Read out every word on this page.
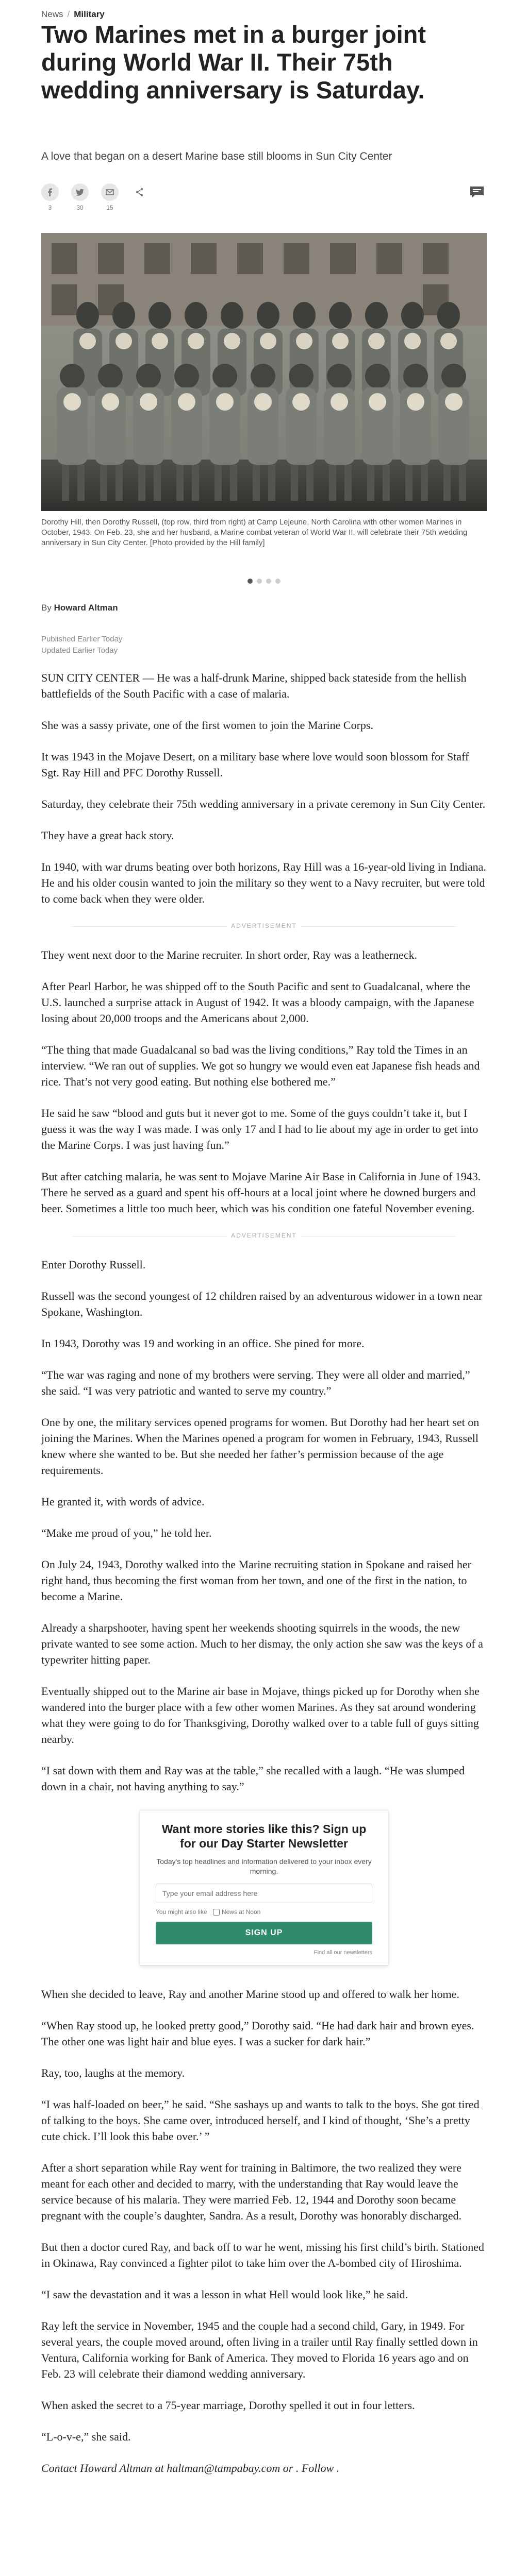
News / Military
Two Marines met in a burger joint during World War II. Their 75th wedding anniversary is Saturday.
A love that began on a desert Marine base still blooms in Sun City Center
3	30	15
Dorothy Hill, then Dorothy Russell, (top row, third from right) at Camp Lejeune, North Carolina with other women Marines in October, 1943. On Feb. 23, she and her husband, a Marine combat veteran of World War II, will celebrate their 75th wedding anniversary in Sun City Center. [Photo provided by the Hill family]
By Howard Altman
Published Earlier Today
Updated Earlier Today

SUN CITY CENTER — He was a half-drunk Marine, shipped back stateside from the hellish battlefields of the South Pacific with a case of malaria.

She was a sassy private, one of the first women to join the Marine Corps.

It was 1943 in the Mojave Desert, on a military base where love would soon blossom for Staff Sgt. Ray Hill and PFC Dorothy Russell.

Saturday, they celebrate their 75th wedding anniversary in a private ceremony in Sun City Center.

They have a great back story.

In 1940, with war drums beating over both horizons, Ray Hill was a 16-year-old living in Indiana. He and his older cousin wanted to join the military so they went to a Navy recruiter, but were told to come back when they were older.

ADVERTISEMENT

They went next door to the Marine recruiter. In short order, Ray was a leatherneck.

After Pearl Harbor, he was shipped off to the South Pacific and sent to Guadalcanal, where the U.S. launched a surprise attack in August of 1942. It was a bloody campaign, with the Japanese losing about 20,000 troops and the Americans about 2,000.

“The thing that made Guadalcanal so bad was the living conditions,” Ray told the Times in an interview. “We ran out of supplies. We got so hungry we would even eat Japanese fish heads and rice. That’s not very good eating. But nothing else bothered me.”

He said he saw “blood and guts but it never got to me. Some of the guys couldn’t take it, but I guess it was the way I was made. I was only 17 and I had to lie about my age in order to get into the Marine Corps. I was just having fun.”

But after catching malaria, he was sent to Mojave Marine Air Base in California in June of 1943. There he served as a guard and spent his off-hours at a local joint where he downed burgers and beer. Sometimes a little too much beer, which was his condition one fateful November evening.

ADVERTISEMENT

Enter Dorothy Russell.

Russell was the second youngest of 12 children raised by an adventurous widower in a town near Spokane, Washington.

In 1943, Dorothy was 19 and working in an office. She pined for more.

“The war was raging and none of my brothers were serving. They were all older and married,” she said. “I was very patriotic and wanted to serve my country.”

One by one, the military services opened programs for women. But Dorothy had her heart set on joining the Marines. When the Marines opened a program for women in February, 1943, Russell knew where she wanted to be. But she needed her father’s permission because of the age requirements.

He granted it, with words of advice.

“Make me proud of you,” he told her.

On July 24, 1943, Dorothy walked into the Marine recruiting station in Spokane and raised her right hand, thus becoming the first woman from her town, and one of the first in the nation, to become a Marine.

Already a sharpshooter, having spent her weekends shooting squirrels in the woods, the new private wanted to see some action. Much to her dismay, the only action she saw was the keys of a typewriter hitting paper.

Eventually shipped out to the Marine air base in Mojave, things picked up for Dorothy when she wandered into the burger place with a few other women Marines. As they sat around wondering what they were going to do for Thanksgiving, Dorothy walked over to a table full of guys sitting nearby.

“I sat down with them and Ray was at the table,” she recalled with a laugh. “He was slumped down in a chair, not having anything to say.”

Want more stories like this? Sign up for our Day Starter Newsletter
Today's top headlines and information delivered to your inbox every morning.
Type your email address here
You might also like News at Noon
SIGN UP
Find all our newsletters

When she decided to leave, Ray and another Marine stood up and offered to walk her home.

“When Ray stood up, he looked pretty good,” Dorothy said. “He had dark hair and brown eyes. The other one was light hair and blue eyes. I was a sucker for dark hair.”

Ray, too, laughs at the memory.

“I was half-loaded on beer,” he said. “She sashays up and wants to talk to the boys. She got tired of talking to the boys. She came over, introduced herself, and I kind of thought, ‘She’s a pretty cute chick. I’ll look this babe over.’ ”

After a short separation while Ray went for training in Baltimore, the two realized they were meant for each other and decided to marry, with the understanding that Ray would leave the service because of his malaria. They were married Feb. 12, 1944 and Dorothy soon became pregnant with the couple’s daughter, Sandra. As a result, Dorothy was honorably discharged.

But then a doctor cured Ray, and back off to war he went, missing his first child’s birth. Stationed in Okinawa, Ray convinced a fighter pilot to take him over the A-bombed city of Hiroshima.

“I saw the devastation and it was a lesson in what Hell would look like,” he said.

Ray left the service in November, 1945 and the couple had a second child, Gary, in 1949. For several years, the couple moved around, often living in a trailer until Ray finally settled down in Ventura, California working for Bank of America. They moved to Florida 16 years ago and on Feb. 23 will celebrate their diamond wedding anniversary.

When asked the secret to a 75-year marriage, Dorothy spelled it out in four letters.

“L-o-v-e,” she said.

Contact Howard Altman at haltman@tampabay.com or . Follow .
